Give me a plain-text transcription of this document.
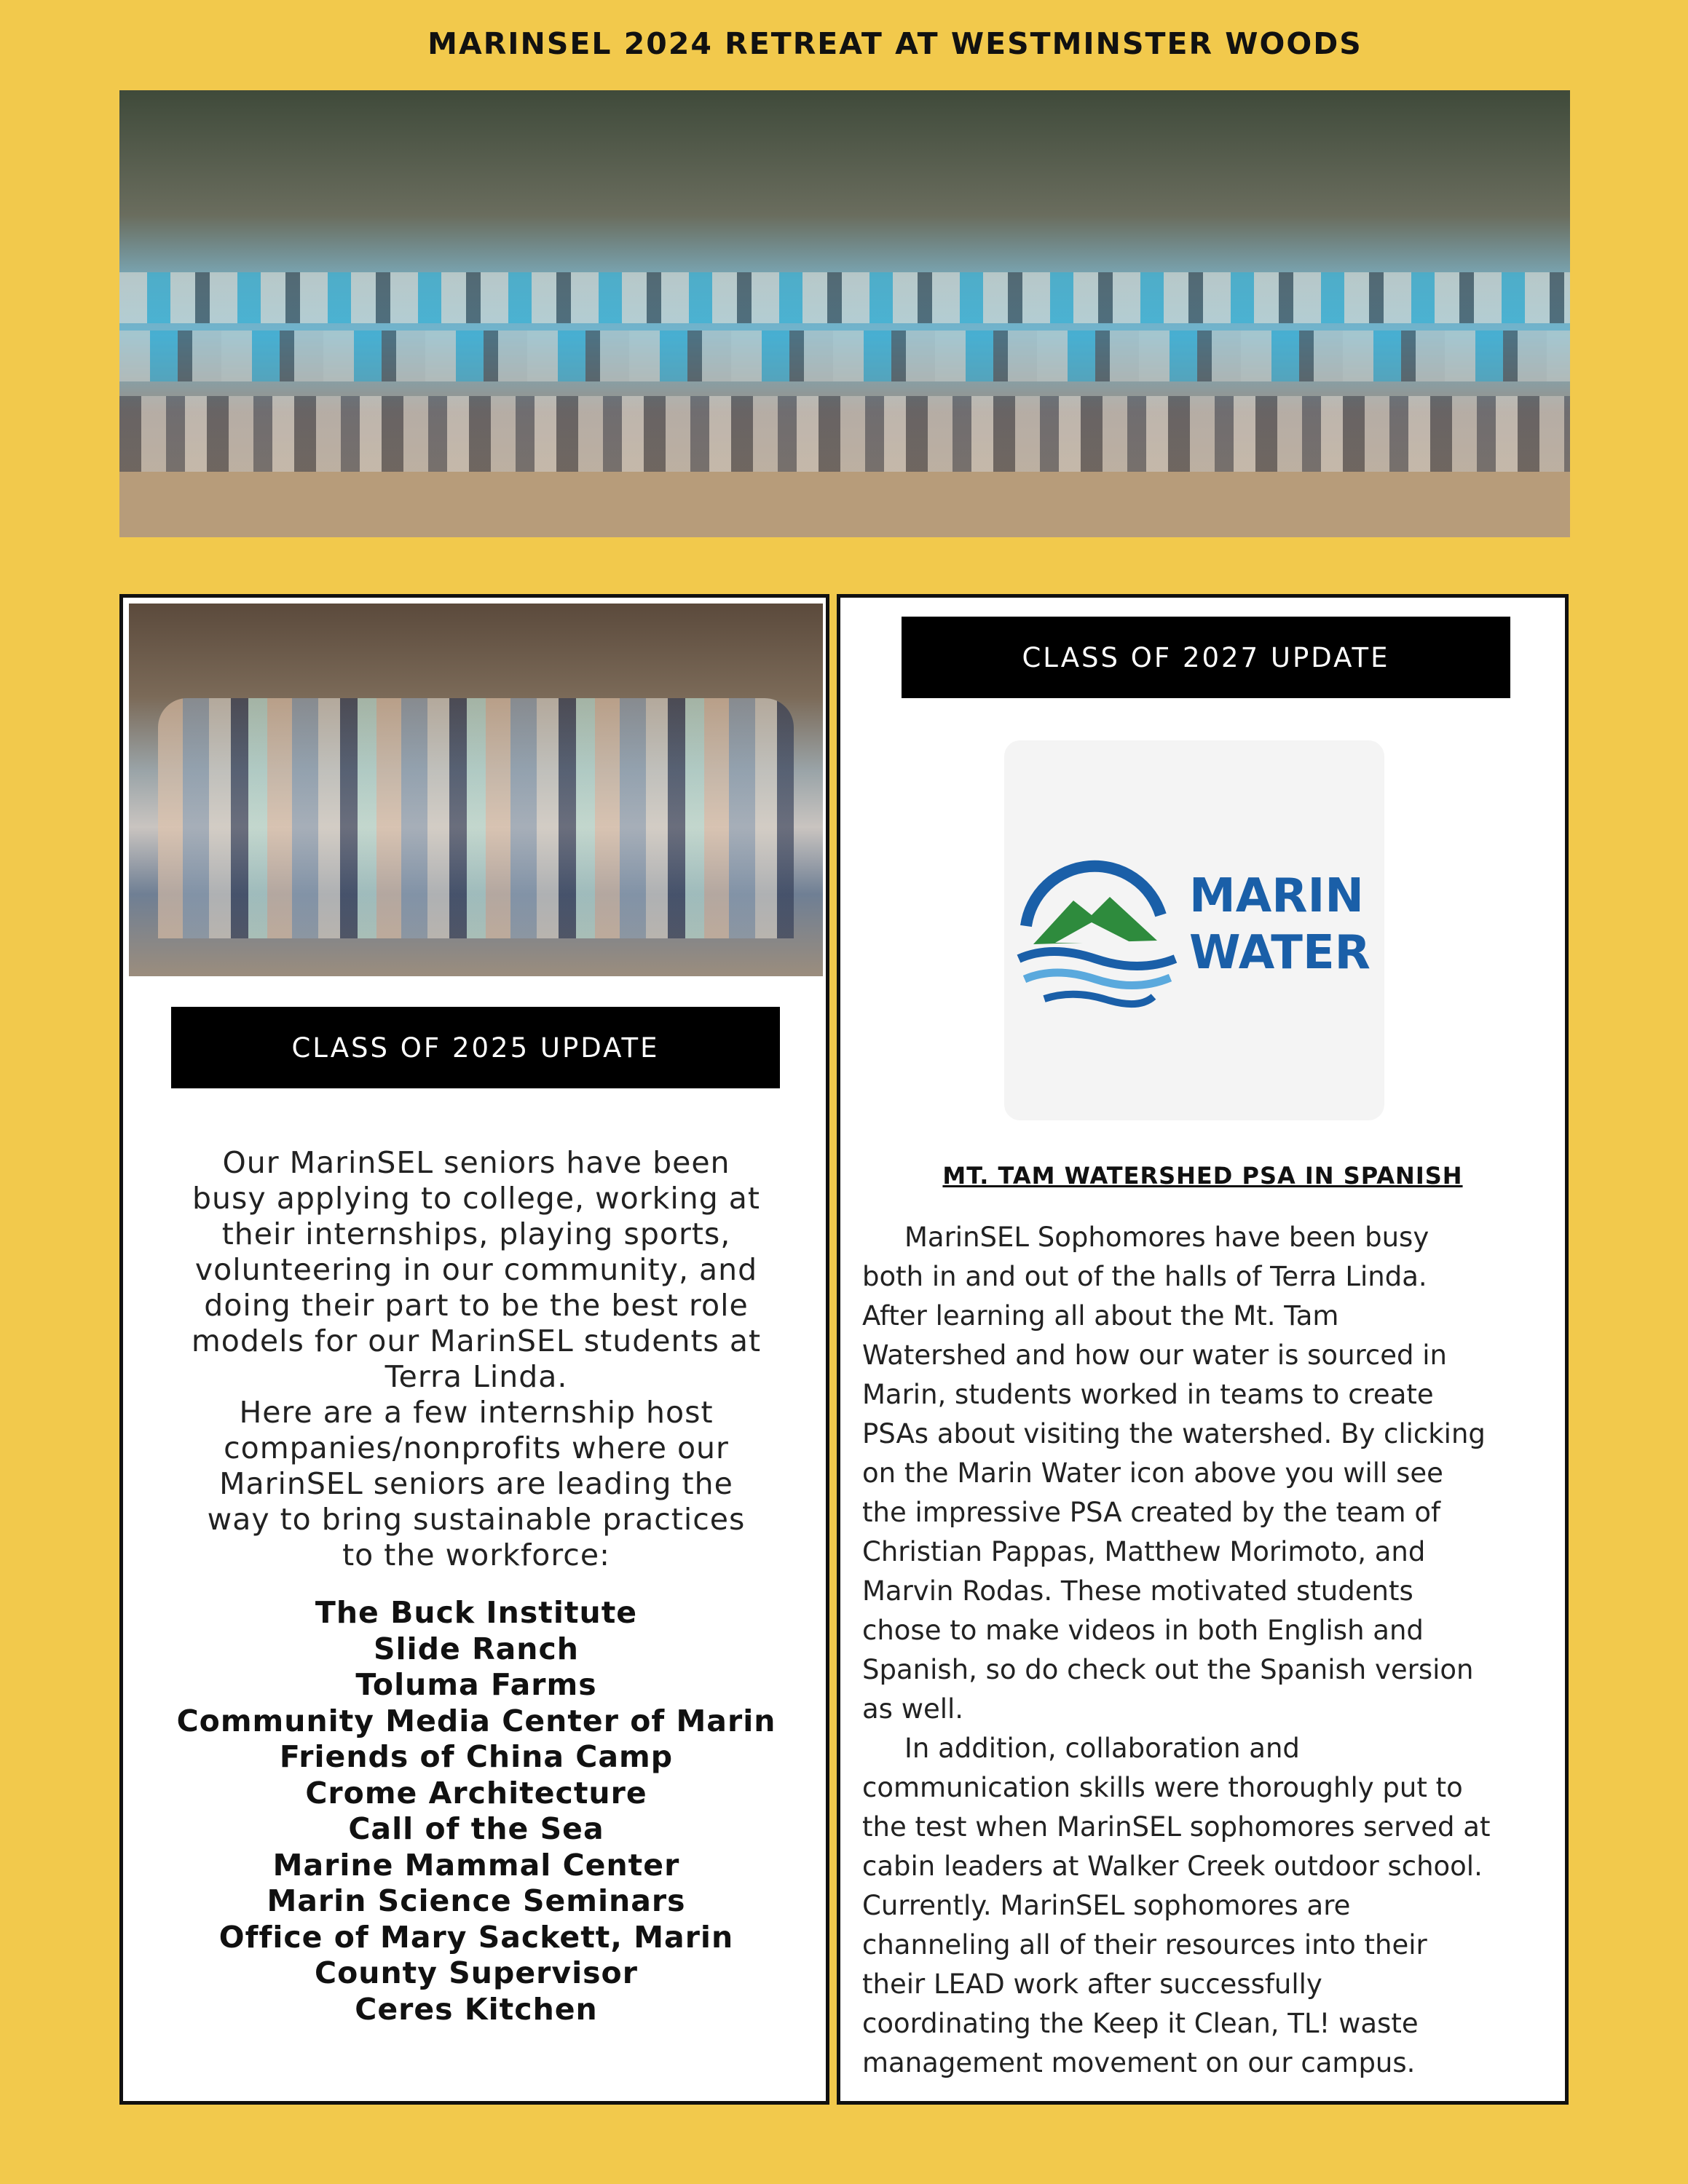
MARINSEL 2024 RETREAT AT WESTMINSTER WOODS
CLASS OF 2025 UPDATE
Our MarinSEL seniors have been
busy applying to college, working at
their internships, playing sports,
volunteering in our community, and
doing their part to be the best role
models for our MarinSEL students at
Terra Linda.
Here are a few internship host
companies/nonprofits where our
MarinSEL seniors are leading the
way to bring sustainable practices
to the workforce:
The Buck Institute
Slide Ranch
Toluma Farms
Community Media Center of Marin
Friends of China Camp
Crome Architecture
Call of the Sea
Marine Mammal Center
Marin Science Seminars
Office of Mary Sackett, Marin
County Supervisor
Ceres Kitchen
CLASS OF 2027 UPDATE
MARIN
WATER
MT. TAM WATERSHED PSA IN SPANISH
MarinSEL Sophomores have been busy
both in and out of the halls of Terra Linda.
After learning all about the Mt. Tam
Watershed and how our water is sourced in
Marin, students worked in teams to create
PSAs about visiting the watershed. By clicking
on the Marin Water icon above you will see
the impressive PSA created by the team of
Christian Pappas, Matthew Morimoto, and
Marvin Rodas. These motivated students
chose to make videos in both English and
Spanish, so do check out the Spanish version
as well.
In addition, collaboration and
communication skills were thoroughly put to
the test when MarinSEL sophomores served at
cabin leaders at Walker Creek outdoor school.
Currently. MarinSEL sophomores are
channeling all of their resources into their
their LEAD work after successfully
coordinating the Keep it Clean, TL! waste
management movement on our campus.
